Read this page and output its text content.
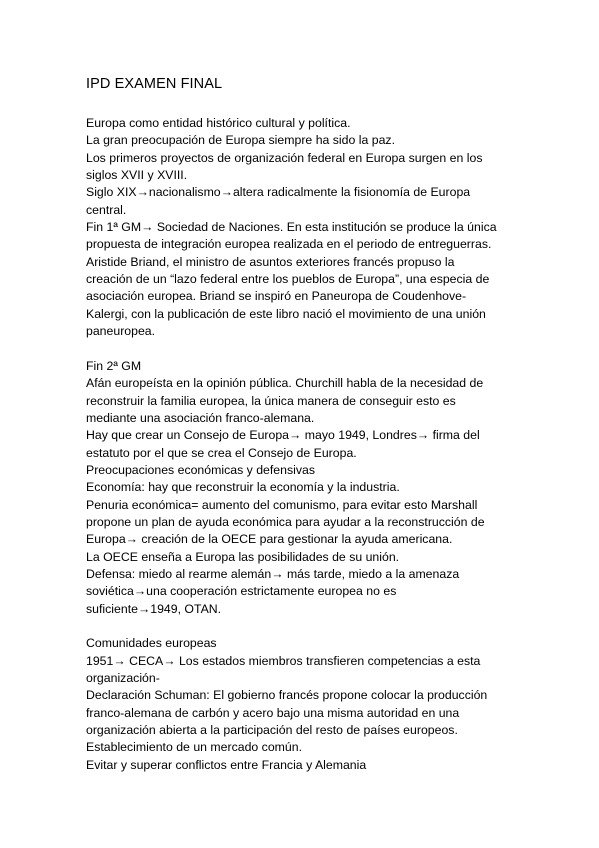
IPD EXAMEN FINAL
Europa como entidad histórico cultural y política.
La gran preocupación de Europa siempre ha sido la paz.
Los primeros proyectos de organización federal en Europa surgen en los
siglos XVII y XVIII.
Siglo XIX→nacionalismo→altera radicalmente la fisionomía de Europa
central.
Fin 1ª GM→ Sociedad de Naciones. En esta institución se produce la única
propuesta de integración europea realizada en el periodo de entreguerras.
Aristide Briand, el ministro de asuntos exteriores francés propuso la
creación de un “lazo federal entre los pueblos de Europa”, una especia de
asociación europea. Briand se inspiró en Paneuropa de Coudenhove-
Kalergi, con la publicación de este libro nació el movimiento de una unión
paneuropea.
Fin 2ª GM
Afán europeísta en la opinión pública. Churchill habla de la necesidad de
reconstruir la familia europea, la única manera de conseguir esto es
mediante una asociación franco-alemana.
Hay que crear un Consejo de Europa→ mayo 1949, Londres→ firma del
estatuto por el que se crea el Consejo de Europa.
Preocupaciones económicas y defensivas
Economía: hay que reconstruir la economía y la industria.
Penuria económica= aumento del comunismo, para evitar esto Marshall
propone un plan de ayuda económica para ayudar a la reconstrucción de
Europa→ creación de la OECE para gestionar la ayuda americana.
La OECE enseña a Europa las posibilidades de su unión.
Defensa: miedo al rearme alemán→ más tarde, miedo a la amenaza
soviética→una cooperación estrictamente europea no es
suficiente→1949, OTAN.
Comunidades europeas
1951→ CECA→ Los estados miembros transfieren competencias a esta
organización-
Declaración Schuman: El gobierno francés propone colocar la producción
franco-alemana de carbón y acero bajo una misma autoridad en una
organización abierta a la participación del resto de países europeos.
Establecimiento de un mercado común.
Evitar y superar conflictos entre Francia y Alemania
